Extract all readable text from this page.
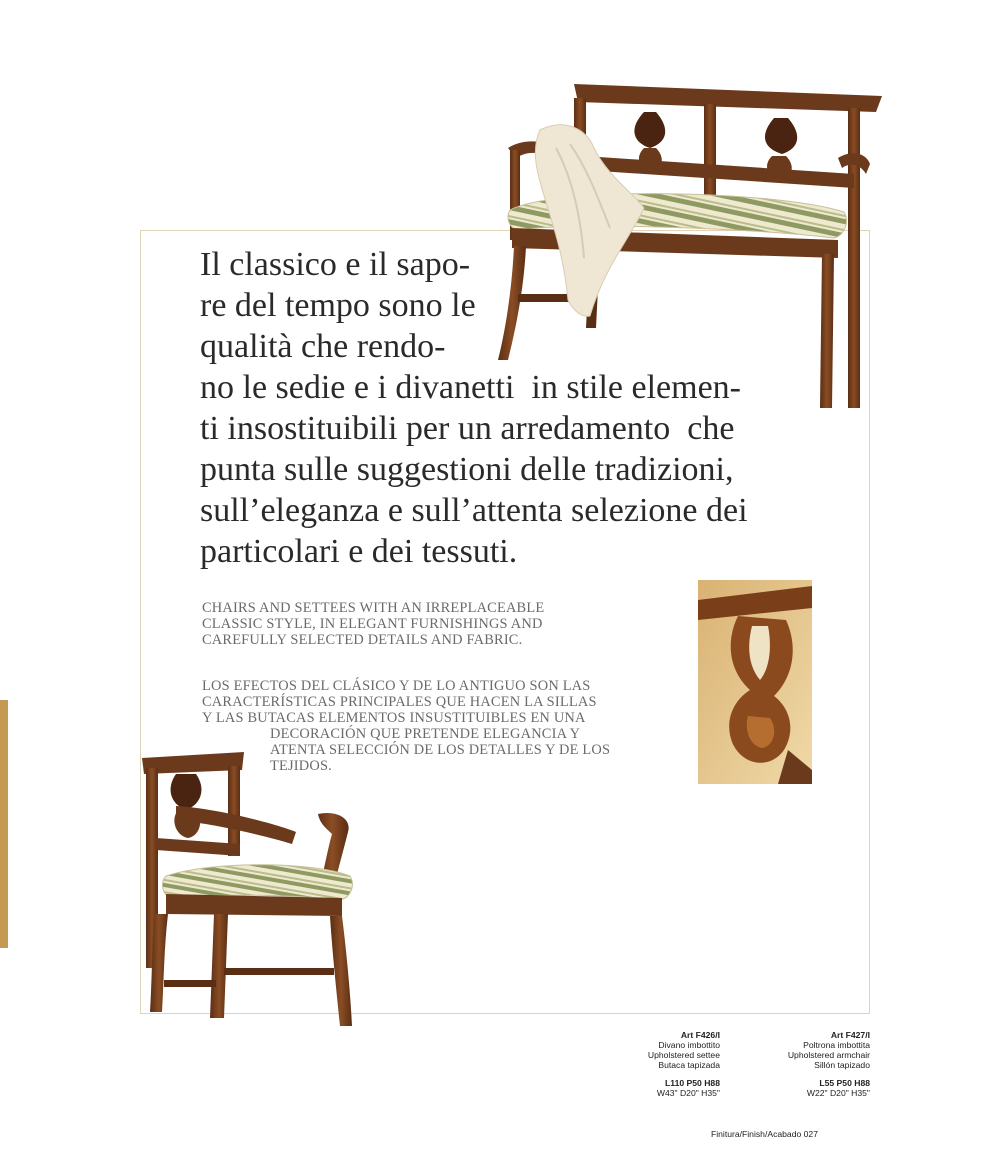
Il classico e il sapo-
re del tempo sono le
qualità che rendo-
no le sedie e i divanetti  in stile elemen-
ti insostituibili per un arredamento  che
punta sulle suggestioni delle tradizioni,
sull’eleganza e sull’attenta selezione dei
particolari e dei tessuti.

CHAIRS AND SETTEES WITH AN IRREPLACEABLE
CLASSIC STYLE, IN ELEGANT FURNISHINGS AND
CAREFULLY SELECTED DETAILS AND FABRIC.

LOS EFECTOS DEL CLÁSICO Y DE LO ANTIGUO SON LAS
CARACTERÍSTICAS PRINCIPALES QUE HACEN LA SILLAS
Y LAS BUTACAS ELEMENTOS INSUSTITUIBLES EN UNA
DECORACIÓN QUE PRETENDE ELEGANCIA Y
ATENTA SELECCIÓN DE LOS DETALLES Y DE LOS
TEJIDOS.

Art F426/I
Divano imbottito
Upholstered settee
Butaca tapizada
L110 P50 H88
W43" D20" H35"
Art F427/I
Poltrona imbottita
Upholstered armchair
Sillón tapizado
L55 P50 H88
W22" D20" H35"
Finitura/Finish/Acabado 027
